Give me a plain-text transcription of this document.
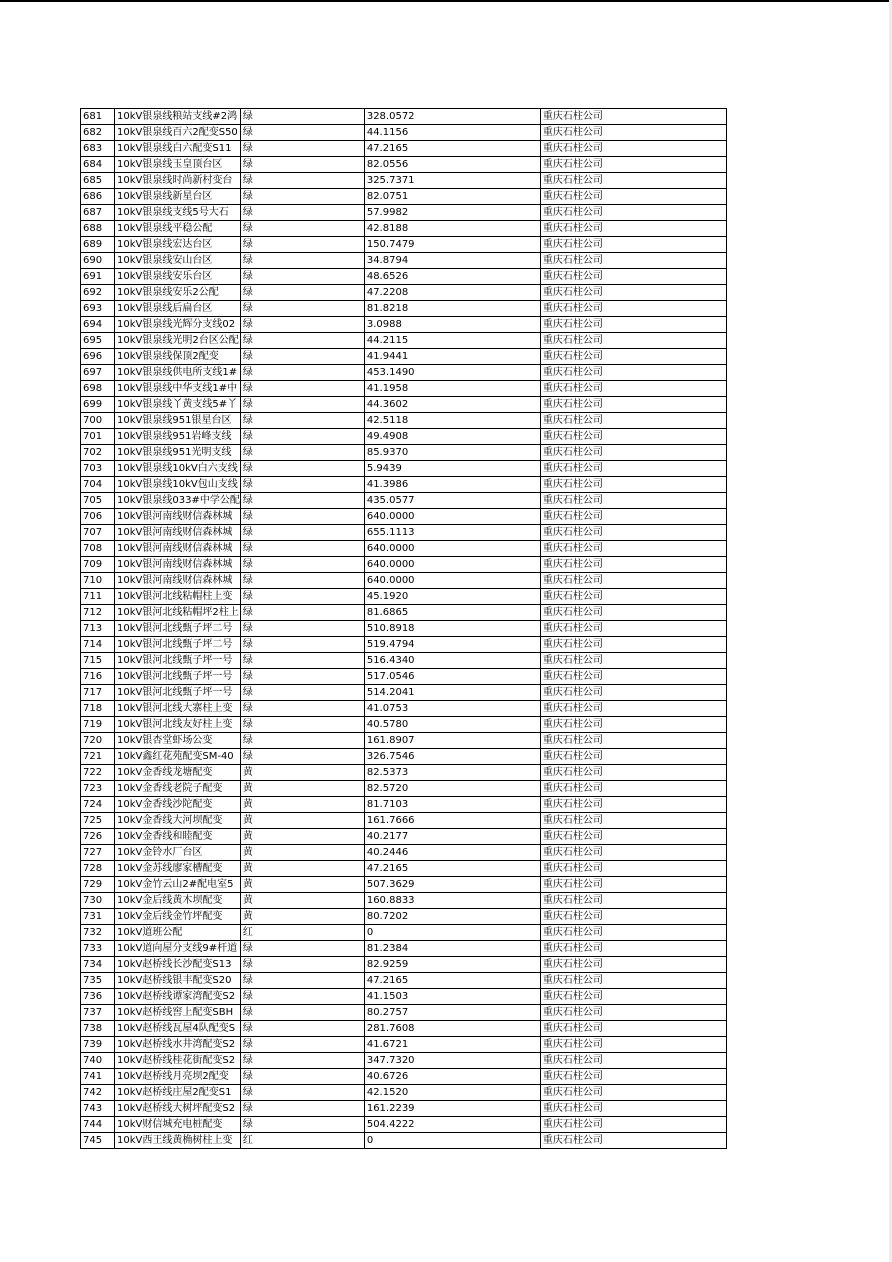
681	10kV银泉线粮站支线#2鸿	绿	328.0572	重庆石柱公司
682	10kV银泉线百六2配变S50	绿	44.1156	重庆石柱公司
683	10kV银泉线白六配变S11	绿	47.2165	重庆石柱公司
684	10kV银泉线玉皇顶台区	绿	82.0556	重庆石柱公司
685	10kV银泉线时尚新村变台	绿	325.7371	重庆石柱公司
686	10kV银泉线新星台区	绿	82.0751	重庆石柱公司
687	10kV银泉线支线5号大石	绿	57.9982	重庆石柱公司
688	10kV银泉线平稳公配	绿	42.8188	重庆石柱公司
689	10kV银泉线宏达台区	绿	150.7479	重庆石柱公司
690	10kV银泉线安山台区	绿	34.8794	重庆石柱公司
691	10kV银泉线安乐台区	绿	48.6526	重庆石柱公司
692	10kV银泉线安乐2公配	绿	47.2208	重庆石柱公司
693	10kV银泉线后扁台区	绿	81.8218	重庆石柱公司
694	10kV银泉线光辉分支线02	绿	3.0988	重庆石柱公司
695	10kV银泉线光明2台区公配	绿	44.2115	重庆石柱公司
696	10kV银泉线保顶2配变	绿	41.9441	重庆石柱公司
697	10kV银泉线供电所支线1#	绿	453.1490	重庆石柱公司
698	10kV银泉线中华支线1#中	绿	41.1958	重庆石柱公司
699	10kV银泉线丫黄支线5#丫	绿	44.3602	重庆石柱公司
700	10kV银泉线951银星台区	绿	42.5118	重庆石柱公司
701	10kV银泉线951岩峰支线	绿	49.4908	重庆石柱公司
702	10kV银泉线951光明支线	绿	85.9370	重庆石柱公司
703	10kV银泉线10kV白六支线	绿	5.9439	重庆石柱公司
704	10kV银泉线10kV包山支线	绿	41.3986	重庆石柱公司
705	10kV银泉线033#中学公配	绿	435.0577	重庆石柱公司
706	10kV银河南线财信森林城	绿	640.0000	重庆石柱公司
707	10kV银河南线财信森林城	绿	655.1113	重庆石柱公司
708	10kV银河南线财信森林城	绿	640.0000	重庆石柱公司
709	10kV银河南线财信森林城	绿	640.0000	重庆石柱公司
710	10kV银河南线财信森林城	绿	640.0000	重庆石柱公司
711	10kV银河北线粘帽柱上变	绿	45.1920	重庆石柱公司
712	10kV银河北线粘帽坪2柱上	绿	81.6865	重庆石柱公司
713	10kV银河北线甄子坪二号	绿	510.8918	重庆石柱公司
714	10kV银河北线甄子坪二号	绿	519.4794	重庆石柱公司
715	10kV银河北线甄子坪一号	绿	516.4340	重庆石柱公司
716	10kV银河北线甄子坪一号	绿	517.0546	重庆石柱公司
717	10kV银河北线甄子坪一号	绿	514.2041	重庆石柱公司
718	10kV银河北线大寨柱上变	绿	41.0753	重庆石柱公司
719	10kV银河北线友好柱上变	绿	40.5780	重庆石柱公司
720	10kV银杏堂虾场公变	绿	161.8907	重庆石柱公司
721	10kV鑫红花苑配变SM-40	绿	326.7546	重庆石柱公司
722	10kV金香线龙塘配变	黄	82.5373	重庆石柱公司
723	10kV金香线老院子配变	黄	82.5720	重庆石柱公司
724	10kV金香线沙陀配变	黄	81.7103	重庆石柱公司
725	10kV金香线大河坝配变	黄	161.7666	重庆石柱公司
726	10kV金香线和睦配变	黄	40.2177	重庆石柱公司
727	10kV金铃水厂台区	黄	40.2446	重庆石柱公司
728	10kV金苏线廖家槽配变	黄	47.2165	重庆石柱公司
729	10kV金竹云山2#配电室5	黄	507.3629	重庆石柱公司
730	10kV金后线黄木坝配变	黄	160.8833	重庆石柱公司
731	10kV金后线金竹坪配变	黄	80.7202	重庆石柱公司
732	10kV道班公配	红	0	重庆石柱公司
733	10kV道向屋分支线9#杆道	绿	81.2384	重庆石柱公司
734	10kV赵桥线长沙配变S13	绿	82.9259	重庆石柱公司
735	10kV赵桥线银丰配变S20	绿	47.2165	重庆石柱公司
736	10kV赵桥线谭家湾配变S2	绿	41.1503	重庆石柱公司
737	10kV赵桥线窖上配变SBH	绿	80.2757	重庆石柱公司
738	10kV赵桥线瓦屋4队配变S	绿	281.7608	重庆石柱公司
739	10kV赵桥线水井湾配变S2	绿	41.6721	重庆石柱公司
740	10kV赵桥线桂花街配变S2	绿	347.7320	重庆石柱公司
741	10kV赵桥线月亮坝2配变	绿	40.6726	重庆石柱公司
742	10kV赵桥线庄屋2配变S1	绿	42.1520	重庆石柱公司
743	10kV赵桥线大树坪配变S2	绿	161.2239	重庆石柱公司
744	10kV财信城充电桩配变	绿	504.4222	重庆石柱公司
745	10kV西王线黄桷树柱上变	红	0	重庆石柱公司
